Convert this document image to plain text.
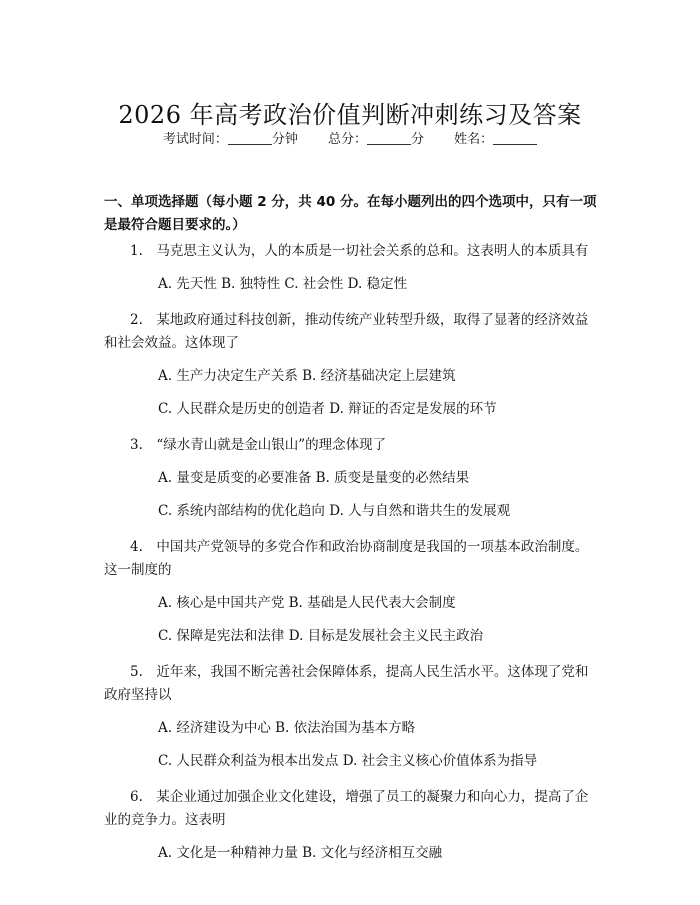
2026 年高考政治价值判断冲刺练习及答案
考试时间：	分钟 总分：	分 姓名：
一、单项选择题（每小题 2 分，共 40 分。在每小题列出的四个选项中，只有一项是最符合题目要求的。）

1.　马克思主义认为，人的本质是一切社会关系的总和。这表明人的本质具有

A. 先天性 B. 独特性 C. 社会性 D. 稳定性

2.　某地政府通过科技创新，推动传统产业转型升级，取得了显著的经济效益和社会效益。这体现了

A. 生产力决定生产关系 B. 经济基础决定上层建筑

C. 人民群众是历史的创造者 D. 辩证的否定是发展的环节

3.　“绿水青山就是金山银山”的理念体现了

A. 量变是质变的必要准备 B. 质变是量变的必然结果

C. 系统内部结构的优化趋向 D. 人与自然和谐共生的发展观

4.　中国共产党领导的多党合作和政治协商制度是我国的一项基本政治制度。这一制度的

A. 核心是中国共产党 B. 基础是人民代表大会制度

C. 保障是宪法和法律 D. 目标是发展社会主义民主政治

5.　近年来，我国不断完善社会保障体系，提高人民生活水平。这体现了党和政府坚持以

A. 经济建设为中心 B. 依法治国为基本方略

C. 人民群众利益为根本出发点 D. 社会主义核心价值体系为指导

6.　某企业通过加强企业文化建设，增强了员工的凝聚力和向心力，提高了企业的竞争力。这表明

A. 文化是一种精神力量 B. 文化与经济相互交融
